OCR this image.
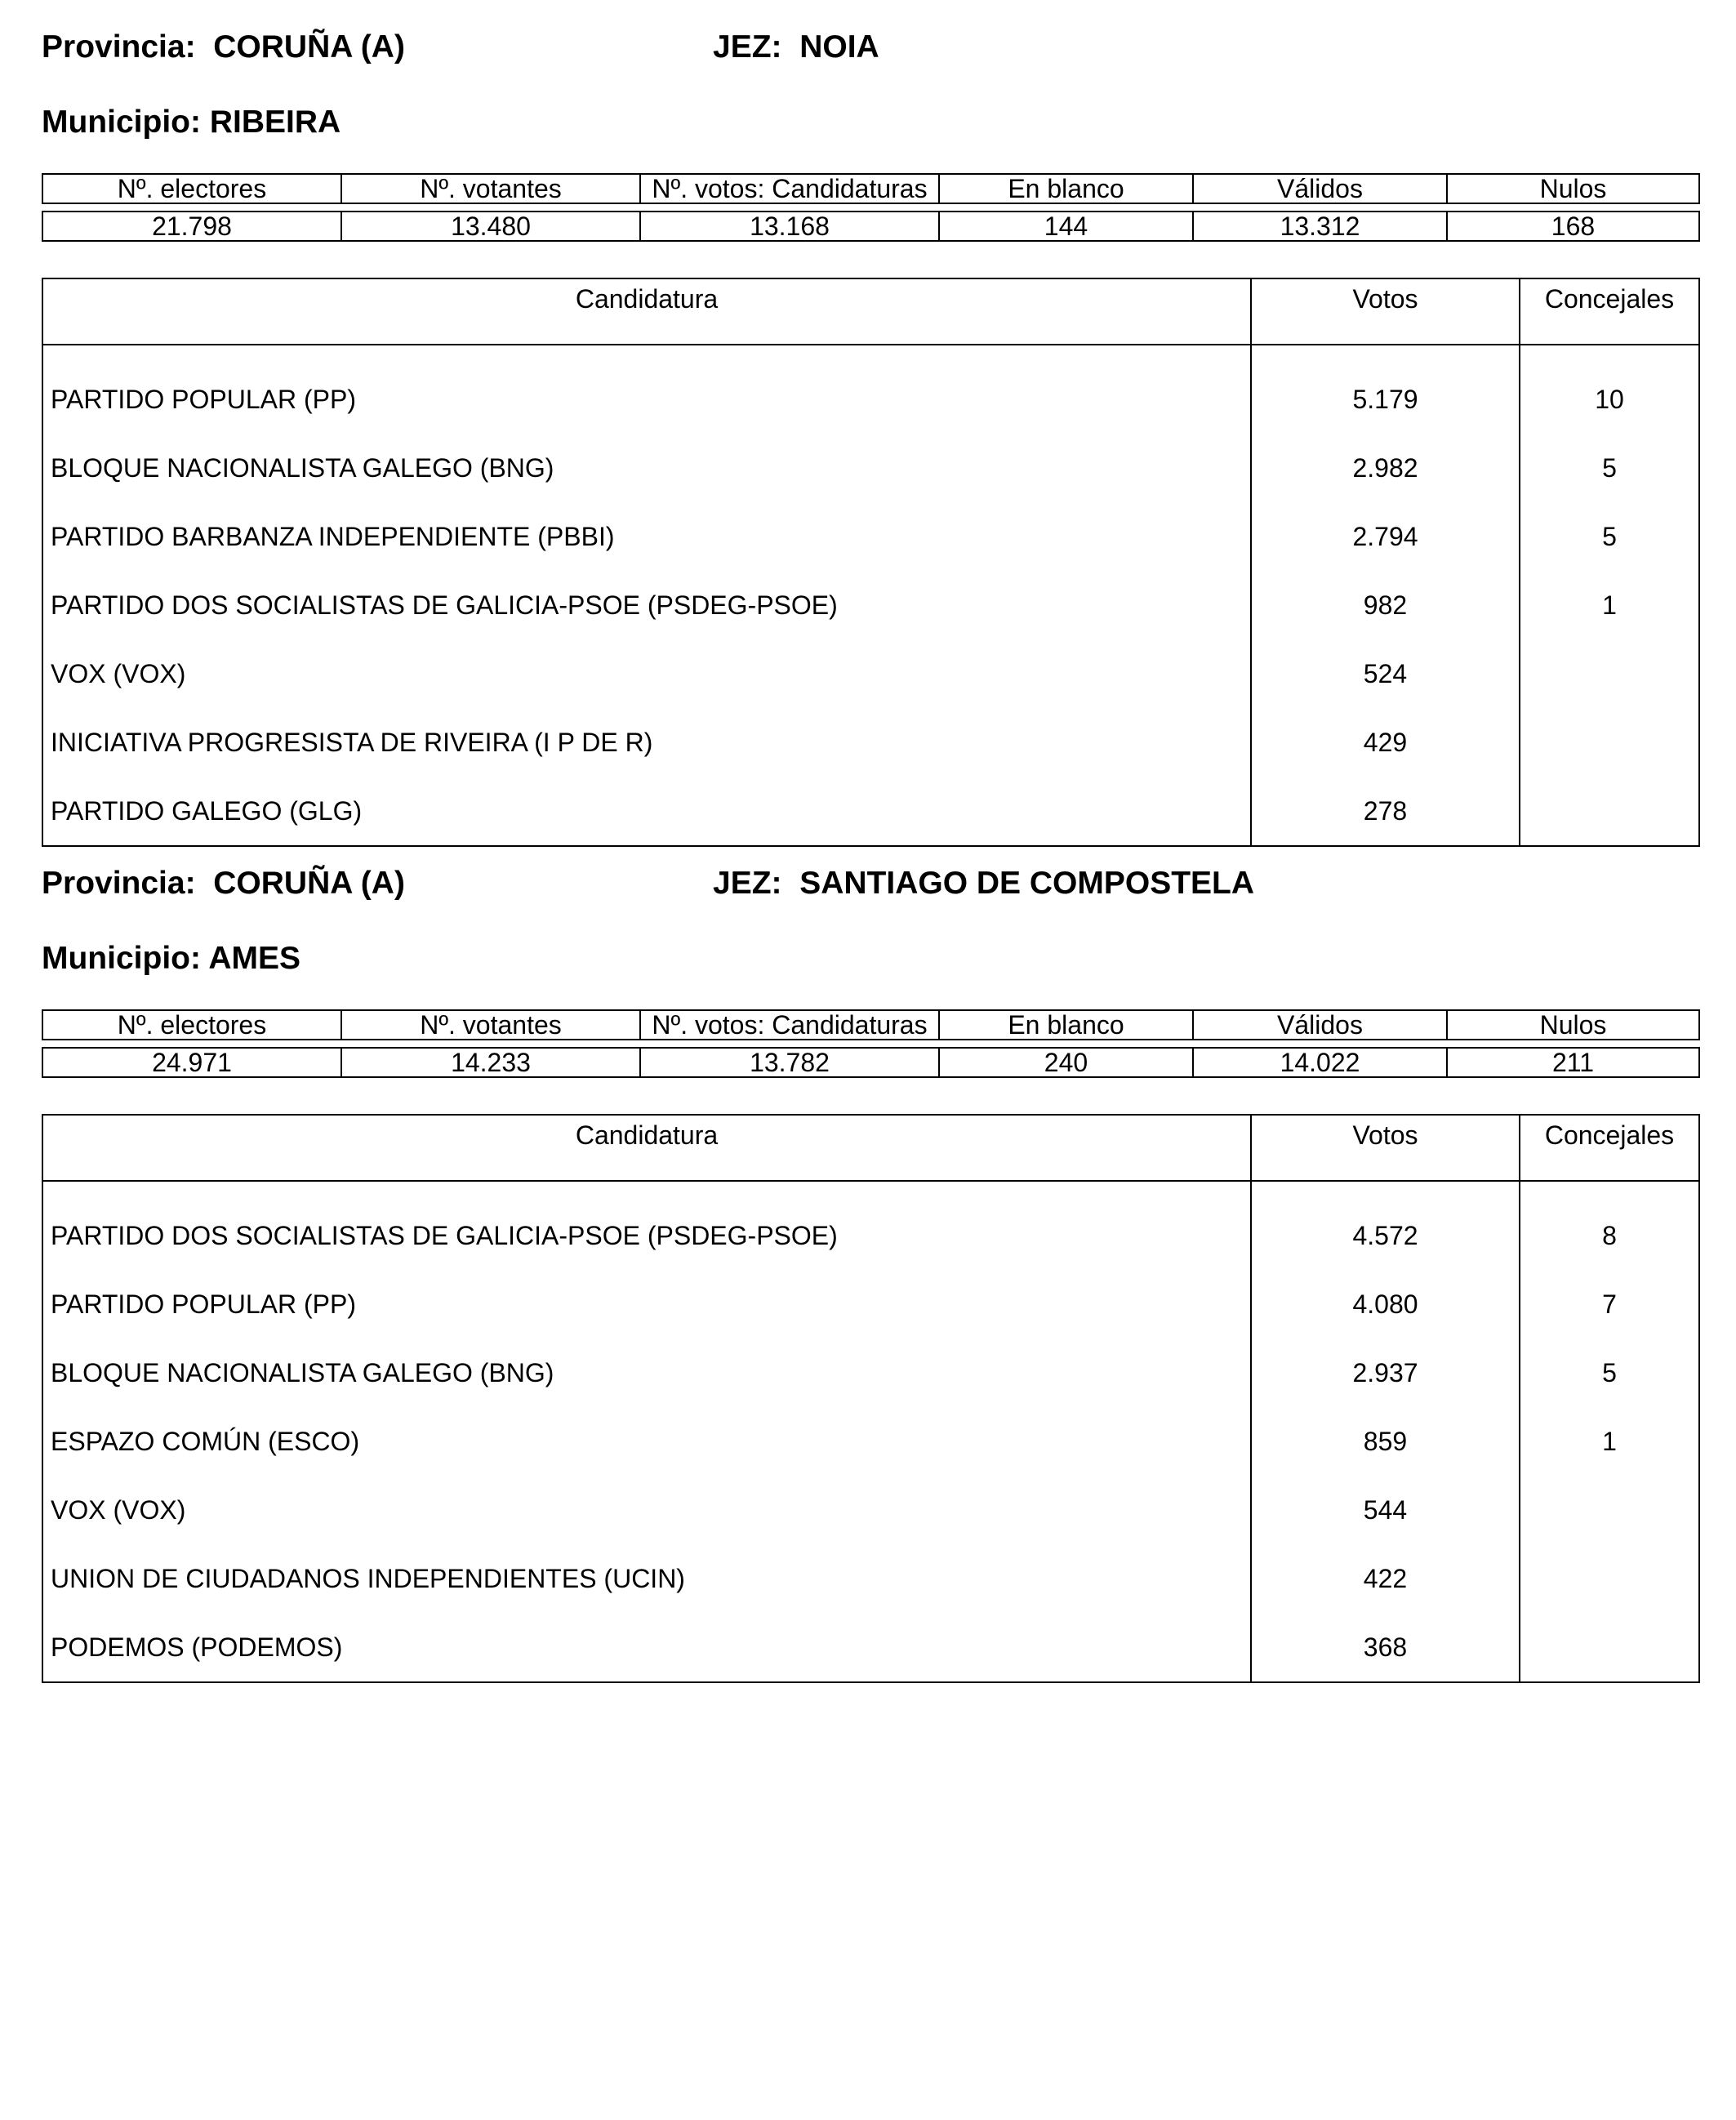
Provincia: CORUÑA (A)	JEZ: NOIA
Municipio: RIBEIRA
Nº. electores	Nº. votantes	Nº. votos: Candidaturas	En blanco	Válidos	Nulos

21.798	13.480	13.168	144	13.312	168
Candidatura	Votos	Concejales

PARTIDO POPULAR (PP)	5.179	10
BLOQUE NACIONALISTA GALEGO (BNG)	2.982	5
PARTIDO BARBANZA INDEPENDIENTE (PBBI)	2.794	5
PARTIDO DOS SOCIALISTAS DE GALICIA-PSOE (PSDEG-PSOE)	982	1
VOX (VOX)	524	
INICIATIVA PROGRESISTA DE RIVEIRA (I P DE R)	429	
PARTIDO GALEGO (GLG)	278	
Provincia: CORUÑA (A)	JEZ: SANTIAGO DE COMPOSTELA
Municipio: AMES
Nº. electores	Nº. votantes	Nº. votos: Candidaturas	En blanco	Válidos	Nulos

24.971	14.233	13.782	240	14.022	211
Candidatura	Votos	Concejales

PARTIDO DOS SOCIALISTAS DE GALICIA-PSOE (PSDEG-PSOE)	4.572	8
PARTIDO POPULAR (PP)	4.080	7
BLOQUE NACIONALISTA GALEGO (BNG)	2.937	5
ESPAZO COMÚN (ESCO)	859	1
VOX (VOX)	544	
UNION DE CIUDADANOS INDEPENDIENTES (UCIN)	422	
PODEMOS (PODEMOS)	368	
